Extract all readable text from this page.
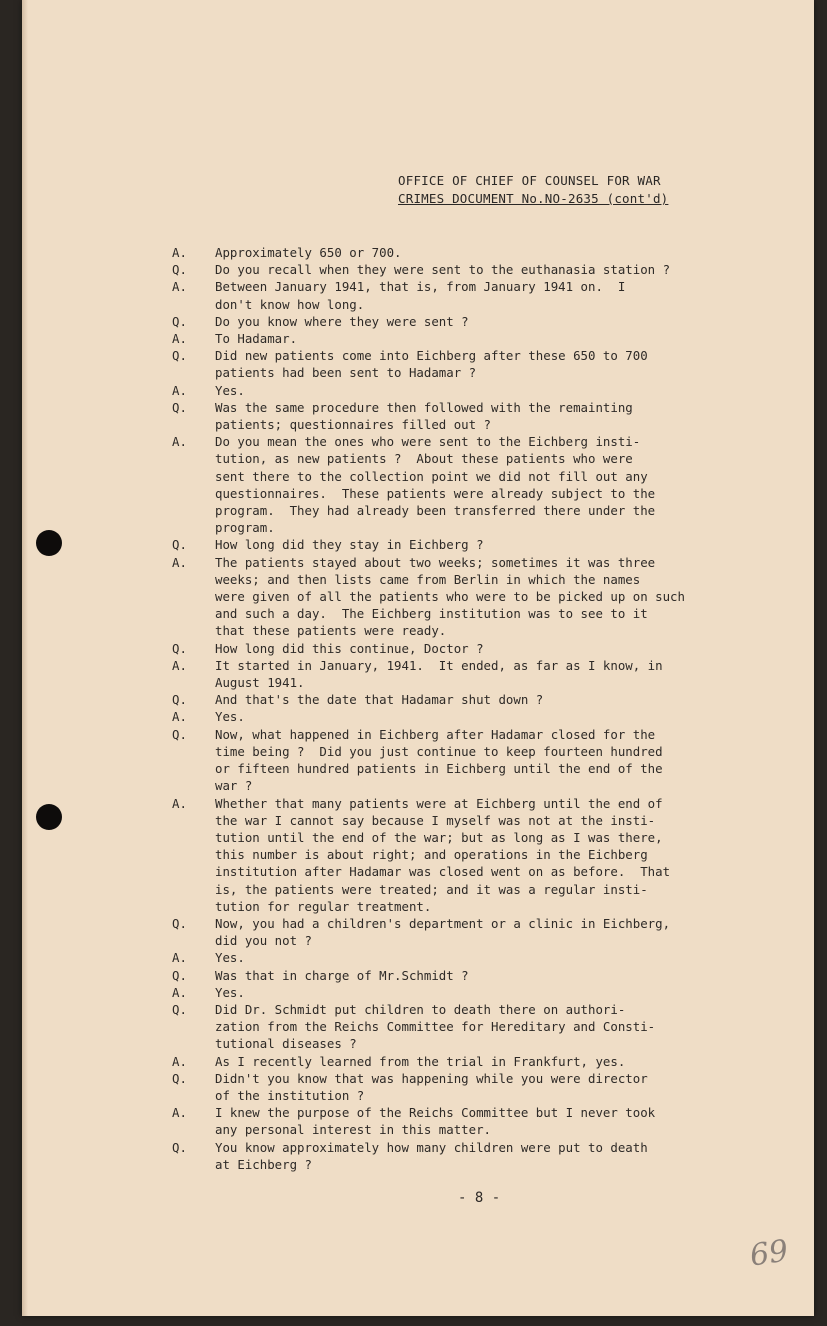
OFFICE OF CHIEF OF COUNSEL FOR WAR
CRIMES DOCUMENT No.NO-2635 (cont'd)
A.	Approximately 650 or 700.
Q.	Do you recall when they were sent to the euthanasia station ?
A.	Between January 1941, that is, from January 1941 on.  I
don't know how long.
Q.	Do you know where they were sent ?
A.	To Hadamar.
Q.	Did new patients come into Eichberg after these 650 to 700
patients had been sent to Hadamar ?
A.	Yes.
Q.	Was the same procedure then followed with the remainting
patients; questionnaires filled out ?
A.	Do you mean the ones who were sent to the Eichberg insti-
tution, as new patients ?  About these patients who were
sent there to the collection point we did not fill out any
questionnaires.  These patients were already subject to the
program.  They had already been transferred there under the
program.
Q.	How long did they stay in Eichberg ?
A.	The patients stayed about two weeks; sometimes it was three
weeks; and then lists came from Berlin in which the names
were given of all the patients who were to be picked up on such
and such a day.  The Eichberg institution was to see to it
that these patients were ready.
Q.	How long did this continue, Doctor ?
A.	It started in January, 1941.  It ended, as far as I know, in
August 1941.
Q.	And that's the date that Hadamar shut down ?
A.	Yes.
Q.	Now, what happened in Eichberg after Hadamar closed for the
time being ?  Did you just continue to keep fourteen hundred
or fifteen hundred patients in Eichberg until the end of the
war ?
A.	Whether that many patients were at Eichberg until the end of
the war I cannot say because I myself was not at the insti-
tution until the end of the war; but as long as I was there,
this number is about right; and operations in the Eichberg
institution after Hadamar was closed went on as before.  That
is, the patients were treated; and it was a regular insti-
tution for regular treatment.
Q.	Now, you had a children's department or a clinic in Eichberg,
did you not ?
A.	Yes.
Q.	Was that in charge of Mr.Schmidt ?
A.	Yes.
Q.	Did Dr. Schmidt put children to death there on authori-
zation from the Reichs Committee for Hereditary and Consti-
tutional diseases ?
A.	As I recently learned from the trial in Frankfurt, yes.
Q.	Didn't you know that was happening while you were director
of the institution ?
A.	I knew the purpose of the Reichs Committee but I never took
any personal interest in this matter.
Q.	You know approximately how many children were put to death
at Eichberg ?
- 8 -
69
